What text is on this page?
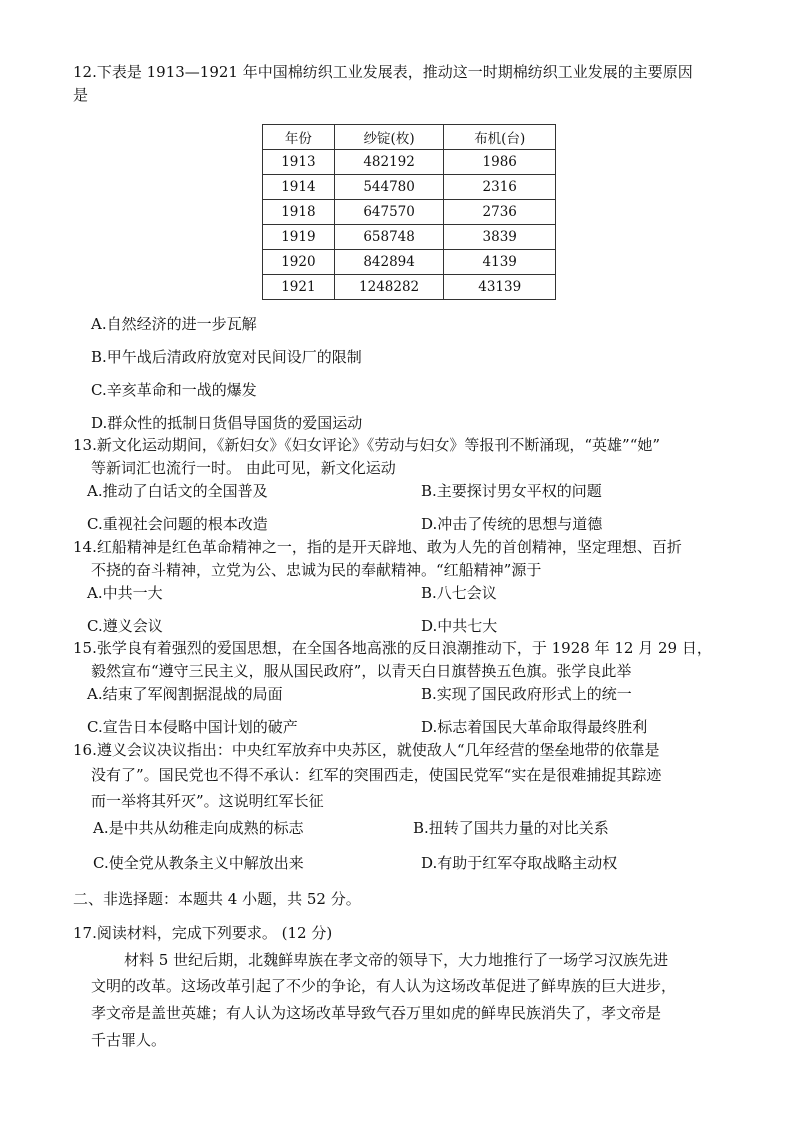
12.下表是 1913—1921 年中国棉纺织工业发展表，推动这一时期棉纺织工业发展的主要原因
是
年份	纱锭(枚)	布机(台)
1913	482192	1986
1914	544780	2316
1918	647570	2736
1919	658748	3839
1920	842894	4139
1921	1248282	43139
A.自然经济的进一步瓦解
B.甲午战后清政府放宽对民间设厂的限制
C.辛亥革命和一战的爆发
D.群众性的抵制日货倡导国货的爱国运动
13.新文化运动期间，《新妇女》《妇女评论》《劳动与妇女》等报刊不断涌现，“英雄”“她”
等新词汇也流行一时。 由此可见，新文化运动
A.推动了白话文的全国普及	B.主要探讨男女平权的问题
C.重视社会问题的根本改造	D.冲击了传统的思想与道德
14.红船精神是红色革命精神之一，指的是开天辟地、敢为人先的首创精神，坚定理想、百折
不挠的奋斗精神，立党为公、忠诚为民的奉献精神。“红船精神”源于
A.中共一大	B.八七会议
C.遵义会议	D.中共七大
15.张学良有着强烈的爱国思想，在全国各地高涨的反日浪潮推动下，于 1928 年 12 月 29 日，
毅然宣布“遵守三民主义，服从国民政府”，以青天白日旗替换五色旗。张学良此举
A.结束了军阀割据混战的局面	B.实现了国民政府形式上的统一
C.宣告日本侵略中国计划的破产	D.标志着国民大革命取得最终胜利
16.遵义会议决议指出：中央红军放弃中央苏区，就使敌人“几年经营的堡垒地带的依靠是
没有了”。国民党也不得不承认：红军的突围西走，使国民党军“实在是很难捕捉其踪迹
而一举将其歼灭”。这说明红军长征
A.是中共从幼稚走向成熟的标志	B.扭转了国共力量的对比关系
C.使全党从教条主义中解放出来	D.有助于红军夺取战略主动权
二、非选择题：本题共 4 小题，共 52 分。
17.阅读材料，完成下列要求。 (12 分)
材料 5 世纪后期，北魏鲜卑族在孝文帝的领导下，大力地推行了一场学习汉族先进
文明的改革。这场改革引起了不少的争论，有人认为这场改革促进了鲜卑族的巨大进步，
孝文帝是盖世英雄；有人认为这场改革导致气吞万里如虎的鲜卑民族消失了，孝文帝是
千古罪人。
